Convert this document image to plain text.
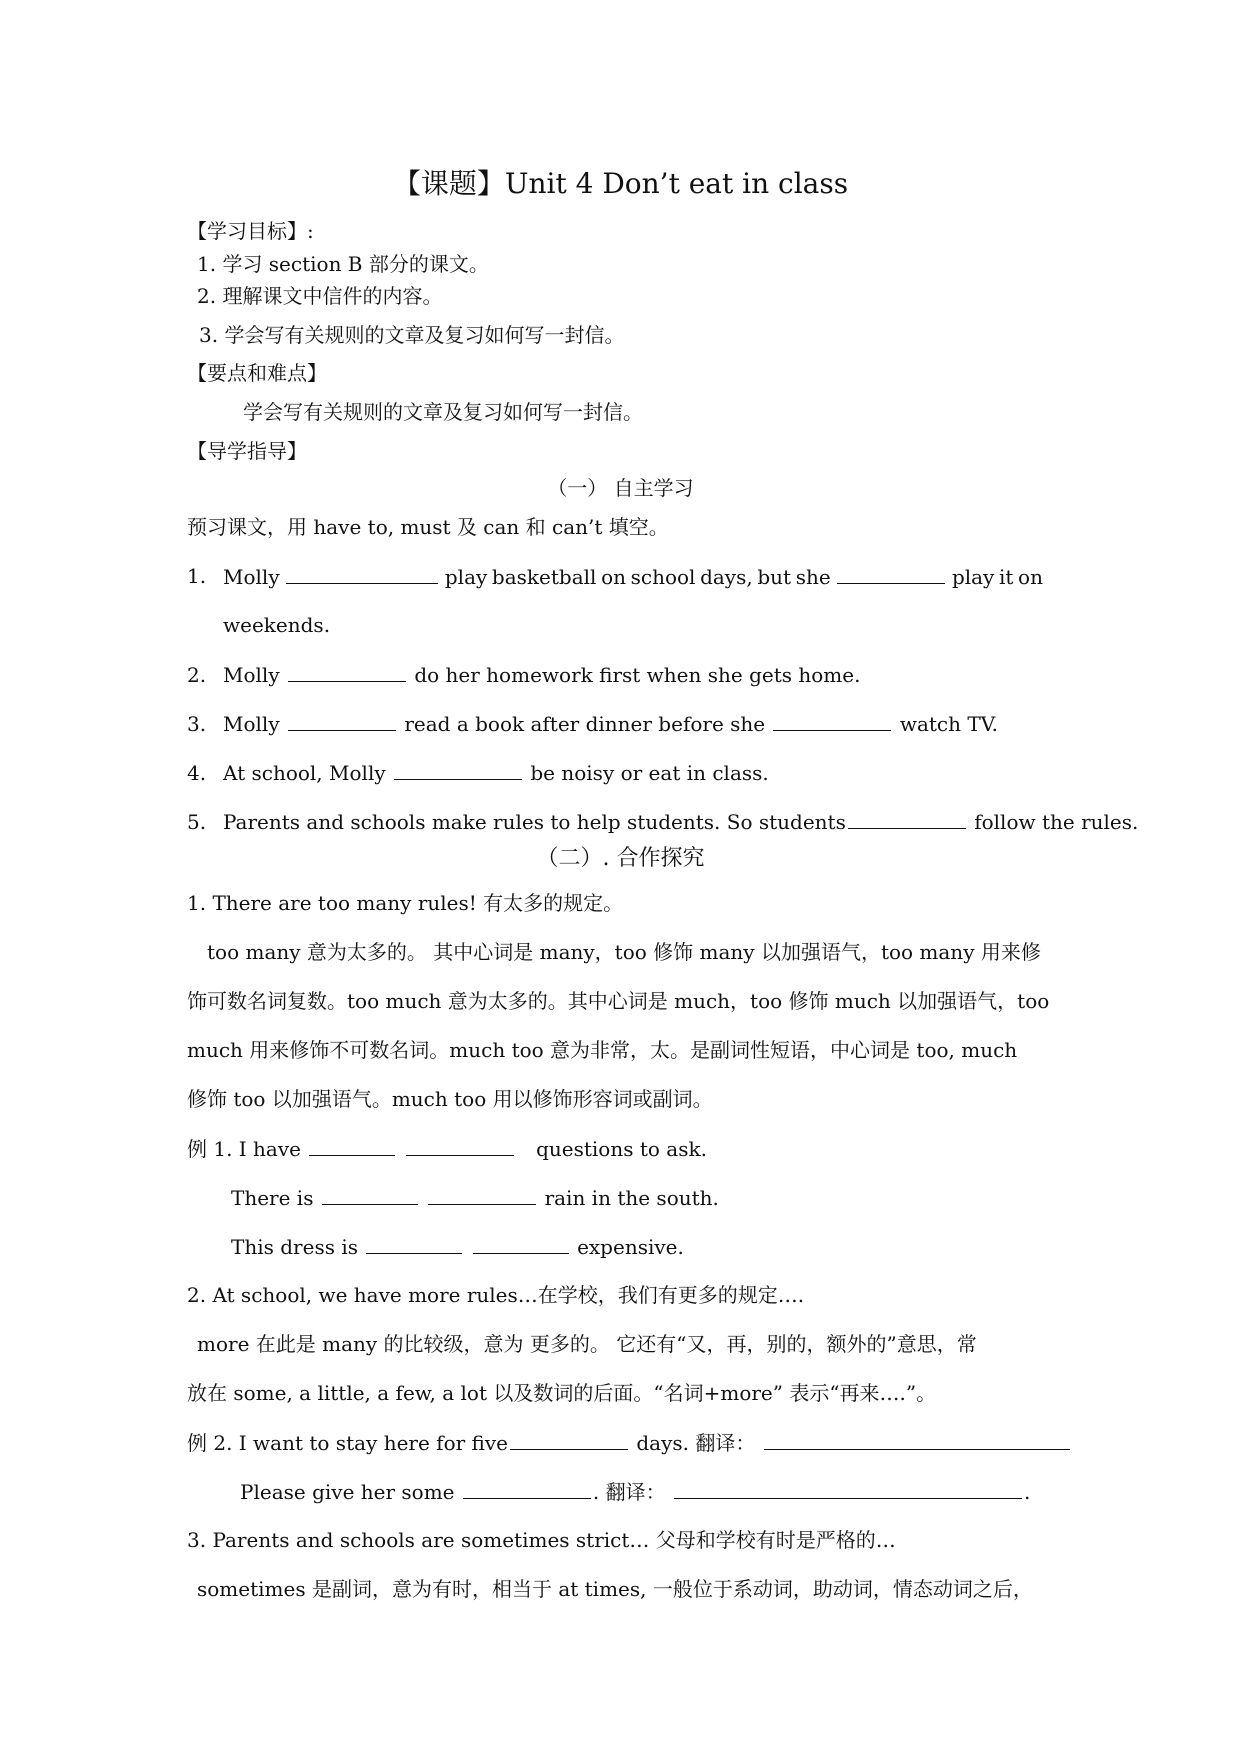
【课题】Unit 4 Don’t eat in class
【学习目标】:
1. 学习 section B 部分的课文。
2. 理解课文中信件的内容。
3. 学会写有关规则的文章及复习如何写一封信。
【要点和难点】
学会写有关规则的文章及复习如何写一封信。
【导学指导】
（一） 自主学习
预习课文，用 have to, must 及 can 和 can’t 填空。
1. Molly	play basketball on school days, but she	play it on
weekends.
2. Molly	do her homework first when she gets home.
3. Molly	read a book after dinner before she	watch TV.
4. At school, Molly	be noisy or eat in class.
5. Parents and schools make rules to help students. So students	follow the rules.
（二）. 合作探究
1. There are too many rules! 有太多的规定。
too many 意为太多的。 其中心词是 many，too 修饰 many 以加强语气，too many 用来修
饰可数名词复数。too much 意为太多的。其中心词是 much，too 修饰 much 以加强语气，too
much 用来修饰不可数名词。much too 意为非常，太。是副词性短语，中心词是 too, much
修饰 too 以加强语气。much too 用以修饰形容词或副词。
例 1. I have	questions to ask.
There is	rain in the south.
This dress is	expensive.
2. At school, we have more rules…在学校，我们有更多的规定….
more 在此是 many 的比较级，意为 更多的。 它还有“又，再，别的，额外的”意思，常
放在 some, a little, a few, a lot 以及数词的后面。“名词+more” 表示“再来….”。
例 2. I want to stay here for five	days. 翻译：
Please give her some	. 翻译：	.
3. Parents and schools are sometimes strict… 父母和学校有时是严格的…
sometimes 是副词，意为有时，相当于 at times, 一般位于系动词，助动词，情态动词之后，
